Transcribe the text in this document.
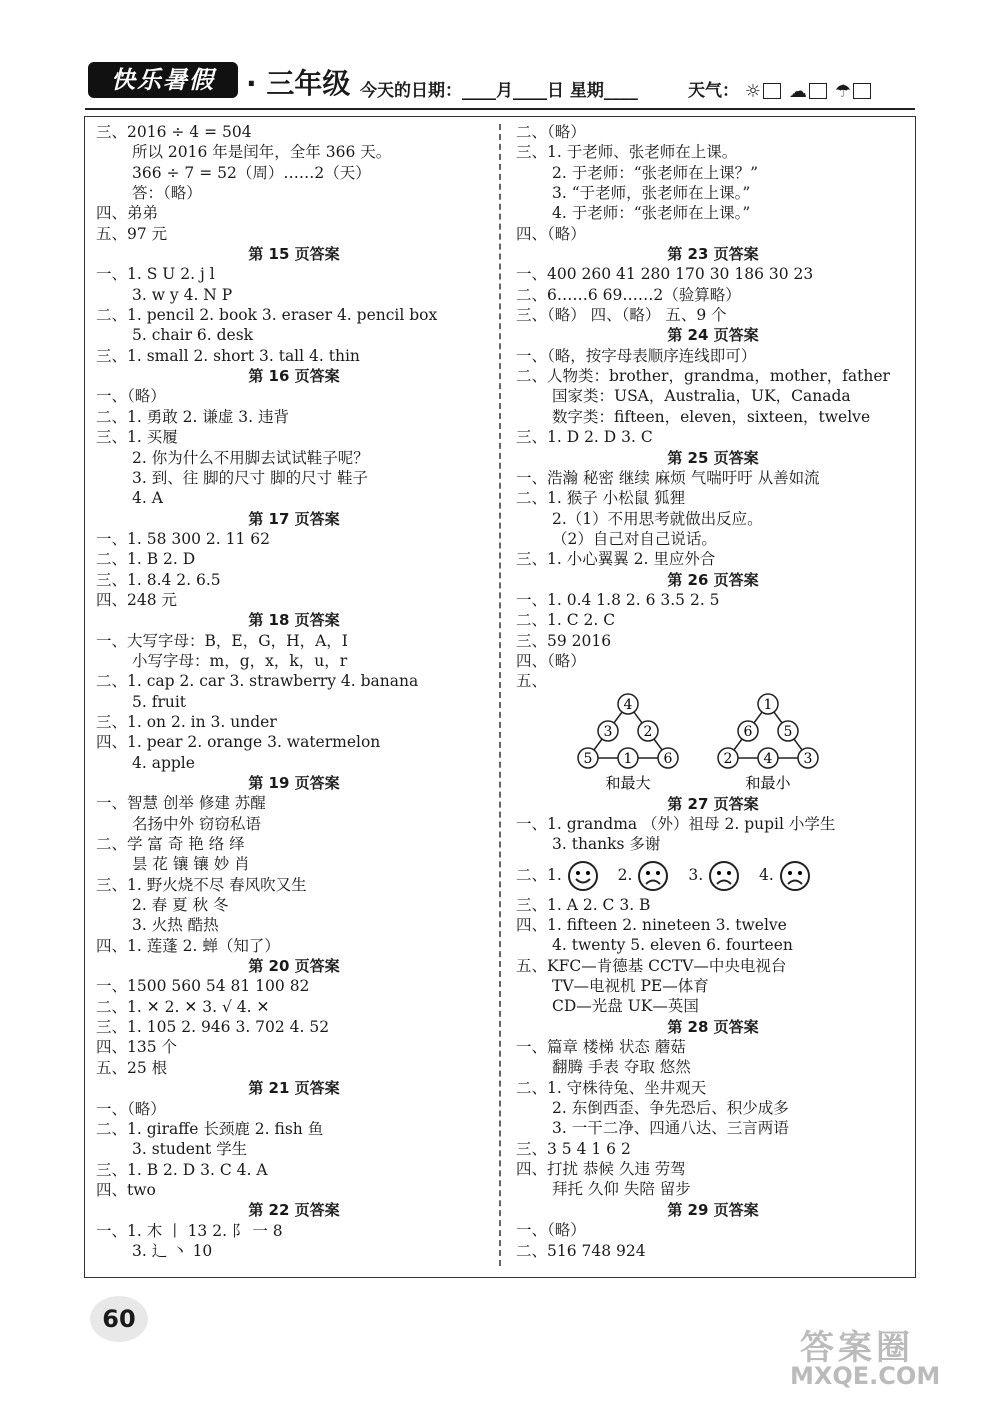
快乐暑假	· 三年级 今天的日期：____月____日 星期____	天气： ☼ ☁ ☂
三、2016 ÷ 4 = 504
所以 2016 年是闰年，全年 366 天。
366 ÷ 7 = 52（周）……2（天）
答：（略）
四、弟弟
五、97 元
第 15 页答案
一、1. S U 2. j l
3. w y 4. N P
二、1. pencil 2. book 3. eraser 4. pencil box
5. chair 6. desk
三、1. small 2. short 3. tall 4. thin
第 16 页答案
一、（略）
二、1. 勇敢 2. 谦虚 3. 违背
三、1. 买履
2. 你为什么不用脚去试试鞋子呢？
3. 到、往 脚的尺寸 脚的尺寸 鞋子
4. A
第 17 页答案
一、1. 58 300 2. 11 62
二、1. B 2. D
三、1. 8.4 2. 6.5
四、248 元
第 18 页答案
一、大写字母：B，E，G，H，A，I
小写字母：m，g，x，k，u，r
二、1. cap 2. car 3. strawberry 4. banana
5. fruit
三、1. on 2. in 3. under
四、1. pear 2. orange 3. watermelon
4. apple
第 19 页答案
一、智慧 创举 修建 苏醒
名扬中外 窃窃私语
二、学 富 奇 艳 络 绎
昙 花 镶 镶 妙 肖
三、1. 野火烧不尽 春风吹又生
2. 春 夏 秋 冬
3. 火热 酷热
四、1. 莲蓬 2. 蝉（知了）
第 20 页答案
一、1500 560 54 81 100 82
二、1. ✕ 2. ✕ 3. √ 4. ✕
三、1. 105 2. 946 3. 702 4. 52
四、135 个
五、25 根
第 21 页答案
一、（略）
二、1. giraffe 长颈鹿 2. fish 鱼
3. student 学生
三、1. B 2. D 3. C 4. A
四、two
第 22 页答案
一、1. 木 丨 13 2. 阝 一 8
3. 辶 丶 10
二、（略）
三、1. 于老师、张老师在上课。
2. 于老师：“张老师在上课？”
3. “于老师，张老师在上课。”
4. 于老师：“张老师在上课。”
四、（略）
第 23 页答案
一、400 260 41 280 170 30 186 30 23
二、6……6 69……2（验算略）
三、（略） 四、（略） 五、9 个
第 24 页答案
一、（略，按字母表顺序连线即可）
二、人物类：brother，grandma，mother，father
国家类：USA，Australia，UK，Canada
数字类：fifteen，eleven，sixteen，twelve
三、1. D 2. D 3. C
第 25 页答案
一、浩瀚 秘密 继续 麻烦 气喘吁吁 从善如流
二、1. 猴子 小松鼠 狐狸
2.（1）不用思考就做出反应。
（2）自己对自己说话。
三、1. 小心翼翼 2. 里应外合
第 26 页答案
一、1. 0.4 1.8 2. 6 3.5 2. 5
二、1. C 2. C
三、59 2016
四、（略）
五、
4
3 2
5 1 6
和最大
1
6 5
2 4 3
和最小
第 27 页答案
一、1. grandma （外）祖母 2. pupil 小学生
3. thanks 多谢
二、1.	2.	3.	4.
三、1. A 2. C 3. B
四、1. fifteen 2. nineteen 3. twelve
4. twenty 5. eleven 6. fourteen
五、KFC—肯德基 CCTV—中央电视台
TV—电视机 PE—体育
CD—光盘 UK—英国
第 28 页答案
一、篇章 楼梯 状态 蘑菇
翻腾 手表 夺取 悠然
二、1. 守株待兔、坐井观天
2. 东倒西歪、争先恐后、积少成多
3. 一干二净、四通八达、三言两语
三、3 5 4 1 6 2
四、打扰 恭候 久违 劳驾
拜托 久仰 失陪 留步
第 29 页答案
一、（略）
二、516 748 924
60
答案圈
MXQE.COM
